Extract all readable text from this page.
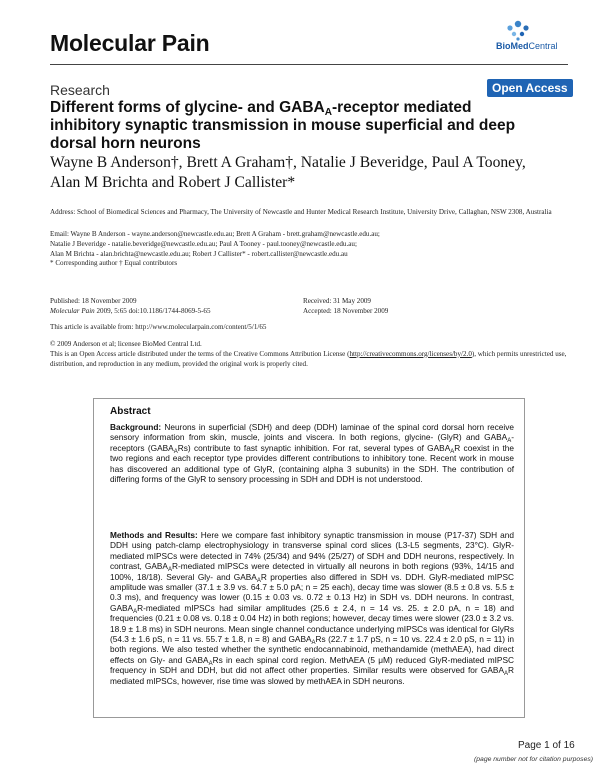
Molecular Pain	BioMedCentral
Research	Open Access
Different forms of glycine- and $GABA_A$-receptor mediated inhibitory synaptic transmission in mouse superficial and deep dorsal horn neurons
Wayne B Anderson†, Brett A Graham†, Natalie J Beveridge, Paul A Tooney,
Alan M Brichta and Robert J Callister*
Address: School of Biomedical Sciences and Pharmacy, The University of Newcastle and Hunter Medical Research Institute, University Drive, Callaghan, NSW 2308, Australia
Email: Wayne B Anderson - wayne.anderson@newcastle.edu.au; Brett A Graham - brett.graham@newcastle.edu.au;
Natalie J Beveridge - natalie.beveridge@newcastle.edu.au; Paul A Tooney - paul.tooney@newcastle.edu.au;
Alan M Brichta - alan.brichta@newcastle.edu.au; Robert J Callister* - robert.callister@newcastle.edu.au
* Corresponding author † Equal contributors
Published: 18 November 2009
Molecular Pain 2009, 5:65 doi:10.1186/1744-8069-5-65
Received: 31 May 2009
Accepted: 18 November 2009
This article is available from: http://www.molecularpain.com/content/5/1/65
© 2009 Anderson et al; licensee BioMed Central Ltd.
This is an Open Access article distributed under the terms of the Creative Commons Attribution License (http://creativecommons.org/licenses/by/2.0), which permits unrestricted use, distribution, and reproduction in any medium, provided the original work is properly cited.
Abstract
Background: Neurons in superficial (SDH) and deep (DDH) laminae of the spinal cord dorsal horn receive sensory information from skin, muscle, joints and viscera. In both regions, glycine- (GlyR) and $GABA_A$-receptors $(GABA_ARs)$ contribute to fast synaptic inhibition. For rat, several types of $GABA_AR$ coexist in the two regions and each receptor type provides different contributions to inhibitory tone. Recent work in mouse has discovered an additional type of GlyR, (containing alpha 3 subunits) in the SDH. The contribution of differing forms of the GlyR to sensory processing in SDH and DDH is not understood.
Methods and Results: Here we compare fast inhibitory synaptic transmission in mouse (P17-37) SDH and DDH using patch-clamp electrophysiology in transverse spinal cord slices (L3-L5 segments, 23°C). GlyR-mediated mIPSCs were detected in 74% (25/34) and 94% (25/27) of SDH and DDH neurons, respectively. In contrast, $GABA_AR$-mediated mIPSCs were detected in virtually all neurons in both regions (93%, 14/15 and 100%, 18/18). Several Gly- and $GABA_AR$ properties also differed in SDH vs. DDH. GlyR-mediated mIPSC amplitude was smaller (37.1 ± 3.9 vs. 64.7 ± 5.0 pA; n = 25 each), decay time was slower (8.5 ± 0.8 vs. 5.5 ± 0.3 ms), and frequency was lower (0.15 ± 0.03 vs. 0.72 ± 0.13 Hz) in SDH vs. DDH neurons. In contrast, $GABA_AR$-mediated mIPSCs had similar amplitudes (25.6 ± 2.4, n = 14 vs. 25. ± 2.0 pA, n = 18) and frequencies (0.21 ± 0.08 vs. 0.18 ± 0.04 Hz) in both regions; however, decay times were slower (23.0 ± 3.2 vs. 18.9 ± 1.8 ms) in SDH neurons. Mean single channel conductance underlying mIPSCs was identical for GlyRs (54.3 ± 1.6 pS, n = 11 vs. 55.7 ± 1.8, n = 8) and $GABA_ARs$ (22.7 ± 1.7 pS, n = 10 vs. 22.4 ± 2.0 pS, n = 11) in both regions. We also tested whether the synthetic endocannabinoid, methandamide (methAEA), had direct effects on Gly- and $GABA_ARs$ in each spinal cord region. MethAEA (5 μM) reduced GlyR-mediated mIPSC frequency in SDH and DDH, but did not affect other properties. Similar results were observed for $GABA_AR$ mediated mIPSCs, however, rise time was slowed by methAEA in SDH neurons.
Page 1 of 16
(page number not for citation purposes)
